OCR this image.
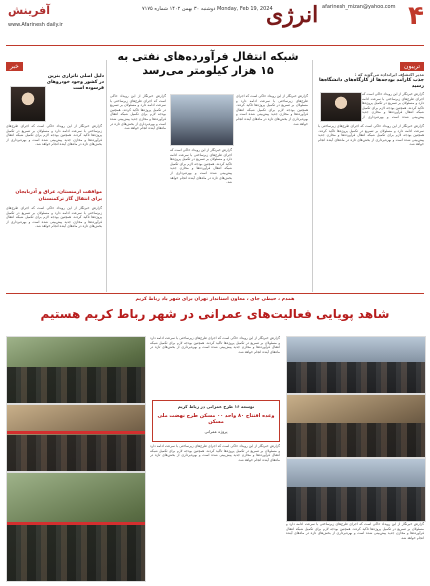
۴
انرژی afarinesh_mizan@yahoo.com
دوشنبه ۳۰ بهمن ۱۴۰۲ شماره ۷۱۷۵ Monday, Feb 19, 2024
آفرینش
www.Afarinesh daily.ir
تریبون
خبر
دلیل اصلی ناترازی بنزین در کشور وجود خودروهای فرسوده است
گزارش خبرنگار از این رویداد حاکی است که اجرای طرح‌های زیرساختی با سرعت ادامه دارد و مسئولان بر تسریع در تکمیل پروژه‌ها تاکید کردند. همچنین بودجه لازم برای تکمیل شبکه انتقال فرآورده‌ها و مخازن جدید پیش‌بینی شده است و بهره‌برداری از بخش‌های تازه در ماه‌های آینده انجام خواهد شد.
موافقت ارمنستان، عراق و آذربایجان برای انتقال گاز ترکمنستان
گزارش خبرنگار از این رویداد حاکی است که اجرای طرح‌های زیرساختی با سرعت ادامه دارد و مسئولان بر تسریع در تکمیل پروژه‌ها تاکید کردند. همچنین بودجه لازم برای تکمیل شبکه انتقال فرآورده‌ها و مخازن جدید پیش‌بینی شده است و بهره‌برداری از بخش‌های تازه در ماه‌های آینده انجام خواهد شد.
شبکه انتقال فرآورده‌های نفتی به ۱۵ هزار کیلومتر می‌رسد
گزارش خبرنگار از این رویداد حاکی است که اجرای طرح‌های زیرساختی با سرعت ادامه دارد و مسئولان بر تسریع در تکمیل پروژه‌ها تاکید کردند. همچنین بودجه لازم برای تکمیل شبکه انتقال فرآورده‌ها و مخازن جدید پیش‌بینی شده است و بهره‌برداری از بخش‌های تازه در ماه‌های آینده انجام خواهد شد.
گزارش خبرنگار از این رویداد حاکی است که اجرای طرح‌های زیرساختی با سرعت ادامه دارد و مسئولان بر تسریع در تکمیل پروژه‌ها تاکید کردند. همچنین بودجه لازم برای تکمیل شبکه انتقال فرآورده‌ها و مخازن جدید پیش‌بینی شده است و بهره‌برداری از بخش‌های تازه در ماه‌های آینده انجام خواهد شد.
گزارش خبرنگار از این رویداد حاکی است که اجرای طرح‌های زیرساختی با سرعت ادامه دارد و مسئولان بر تسریع در تکمیل پروژه‌ها تاکید کردند. همچنین بودجه لازم برای تکمیل شبکه انتقال فرآورده‌ها و مخازن جدید پیش‌بینی شده است و بهره‌برداری از بخش‌های تازه در ماه‌های آینده انجام خواهد شد.
مدیر اکتشاف ایرانداده می‌گوید که :
جذب کارآمد بودجه‌ها از کارگاه‌های دانشگاه‌ها رسید
گزارش خبرنگار از این رویداد حاکی است که اجرای طرح‌های زیرساختی با سرعت ادامه دارد و مسئولان بر تسریع در تکمیل پروژه‌ها تاکید کردند. همچنین بودجه لازم برای تکمیل شبکه انتقال فرآورده‌ها و مخازن جدید پیش‌بینی شده است و بهره‌برداری از
گزارش خبرنگار از این رویداد حاکی است که اجرای طرح‌های زیرساختی با سرعت ادامه دارد و مسئولان بر تسریع در تکمیل پروژه‌ها تاکید کردند. همچنین بودجه لازم برای تکمیل شبکه انتقال فرآورده‌ها و مخازن جدید پیش‌بینی شده است و بهره‌برداری از بخش‌های تازه در ماه‌های آینده انجام خواهد شد.
همدم ، حیطی جای ، معاون استاندار تهران برای شهر باد رباط کریم
شاهد پویایی فعالیت‌های عمرانی در شهر رباط کریم هستیم
گزارش خبرنگار از این رویداد حاکی است که اجرای طرح‌های زیرساختی با سرعت ادامه دارد و مسئولان بر تسریع در تکمیل پروژه‌ها تاکید کردند. همچنین بودجه لازم برای تکمیل شبکه انتقال فرآورده‌ها و مخازن جدید پیش‌بینی شده است و بهره‌برداری از بخش‌های تازه در ماه‌های آینده انجام خواهد شد.
توسعه ۱۶ طرح عمرانی در رباط کریم
وعده افتتاح ۸۰ واحد ۰۰ مسکن طرح نهضت ملی مسکن
پروژه عمرانی
گزارش خبرنگار از این رویداد حاکی است که اجرای طرح‌های زیرساختی با سرعت ادامه دارد و مسئولان بر تسریع در تکمیل پروژه‌ها تاکید کردند. همچنین بودجه لازم برای تکمیل شبکه انتقال فرآورده‌ها و مخازن جدید پیش‌بینی شده است و بهره‌برداری از بخش‌های تازه در ماه‌های آینده انجام خواهد شد.
گزارش خبرنگار از این رویداد حاکی است که اجرای طرح‌های زیرساختی با سرعت ادامه دارد و مسئولان بر تسریع در تکمیل پروژه‌ها تاکید کردند. همچنین بودجه لازم برای تکمیل شبکه انتقال فرآورده‌ها و مخازن جدید پیش‌بینی شده است و بهره‌برداری از بخش‌های تازه در ماه‌های آینده انجام خواهد شد.
